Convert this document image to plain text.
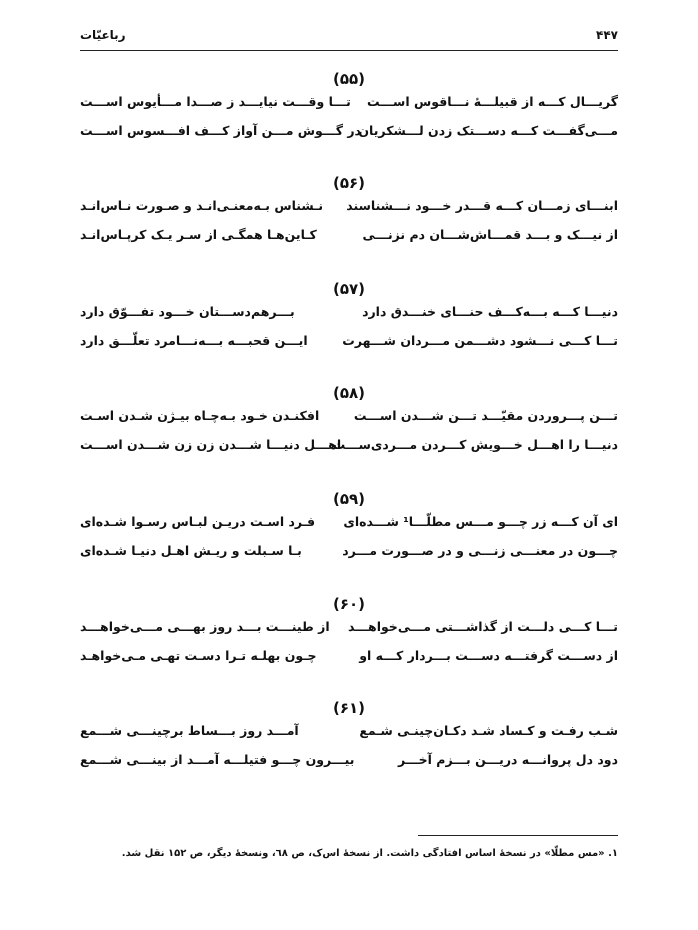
۴۴۷
رباعیّات
(۵۵)
گریـــال کـــه از قبیلـــهٔ نـــاقوس اســـت
تـــا وقـــت نیایـــد ز صـــدا مـــأیوس اســـت
مـــی‌گفـــت کـــه دســـتک زدن لـــشکریان
در گـــوش مـــن آواز کـــف افـــسوس اســـت
(۵۶)
ابنـــای زمـــان کـــه قـــدر خـــود نـــشناسند
نـشناس بـه‌معنـی‌انـد و صـورت نـاس‌انـد
از نیـــک و بـــد قمـــاش‌شـــان دم نزنـــی
کـاین‌هـا همگـی از سـر یـک کرپـاس‌انـد
(۵۷)
دنیـــا کـــه بـــه‌کـــف حنـــای خنـــدق دارد
بـــرهم‌دســـتان خـــود تفـــوّق دارد
تـــا کـــی نـــشود دشـــمن مـــردان شـــهرت
ایـــن قحبـــه بـــه‌نـــامرد تعلّـــق دارد
(۵۸)
تـــن پـــروردن مقیّـــد تـــن شـــدن اســـت
افکنـدن خـود بـه‌چـاه بیـژن شـدن اسـت
دنیـــا را اهـــل خـــویش کـــردن مـــردی‌ســـت
اهـــل دنیـــا شـــدن زن زن شـــدن اســـت
(۵۹)
ای آن کـــه زر چـــو مـــس مطلّـــا¹ شـــده‌ای
فـرد اسـت دریـن لبـاس رسـوا شـده‌ای
چـــون در معنـــی زنـــی و در صـــورت مـــرد
بـا سـبلت و ریـش اهـل دنیـا شـده‌ای
(۶۰)
تـــا کـــی دلـــت از گذاشـــتی مـــی‌خواهـــد
از طینـــت بـــد روز بهـــی مـــی‌خواهـــد
از دســـت گرفتـــه دســـت بـــردار کـــه او
چـون بهلـه تـرا دسـت تهـی مـی‌خواهـد
(۶۱)
شـب رفـت و کـساد شـد دکـان‌چینـی شـمع
آمـــد روز بـــساط برچینـــی شـــمع
دود دل پروانـــه دریـــن بـــزم آخـــر
بیـــرون چـــو فتیلـــه آمـــد از بینـــی شـــمع
۱. «مس مطلّا» در نسخهٔ اساس افتادگی داشت. از نسخهٔ اس‌ک، ص ٦٨، ونسخهٔ دیگر، ص ۱۵۲ نقل شد.
